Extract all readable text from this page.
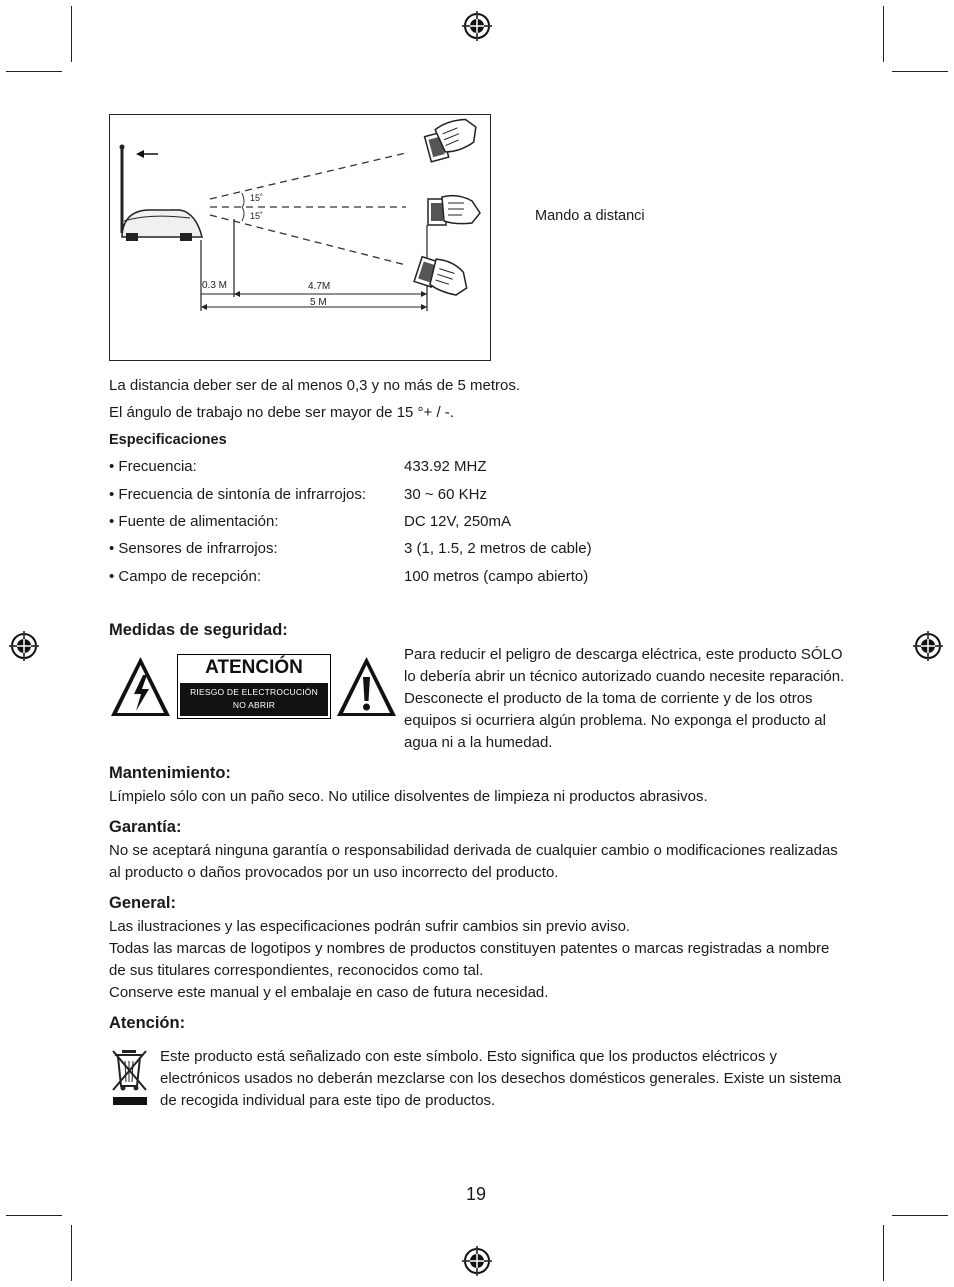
15˚
15˚
0.3 M	4.7M
5 M
Mando a distanci
La distancia deber ser de al menos 0,3 y no más de 5 metros.
El ángulo de trabajo no debe ser mayor de 15 °+ / -.
Especificaciones
• Frecuencia:	433.92 MHZ
• Frecuencia de sintonía de infrarrojos:	30 ~ 60 KHz
• Fuente de alimentación:	DC 12V, 250mA
• Sensores de infrarrojos:	3 (1, 1.5, 2 metros de cable)
• Campo de recepción:	100 metros (campo abierto)
Medidas de seguridad:
ATENCIÓN
RIESGO DE ELECTROCUCIÓN
NO ABRIR
Para reducir el peligro de descarga eléctrica, este producto SÓLO lo debería abrir un técnico autorizado cuando necesite reparación. Desconecte el producto de la toma de corriente y de los otros equipos si ocurriera algún problema. No exponga el producto al agua ni a la humedad.
Mantenimiento:
Límpielo sólo con un paño seco. No utilice disolventes de limpieza ni productos abrasivos.
Garantía:
No se aceptará ninguna garantía o responsabilidad derivada de cualquier cambio o modificaciones realizadas al producto o daños provocados por un uso incorrecto del producto.
General:
Las ilustraciones y las especificaciones podrán sufrir cambios sin previo aviso.
Todas las marcas de logotipos y nombres de productos constituyen patentes o marcas registradas a nombre de sus titulares correspondientes, reconocidos como tal.
Conserve este manual y el embalaje en caso de futura necesidad.
Atención:
Este producto está señalizado con este símbolo. Esto significa que los productos eléctricos y electrónicos usados no deberán mezclarse con los desechos domésticos generales. Existe un sistema de recogida individual para este tipo de productos.
19
